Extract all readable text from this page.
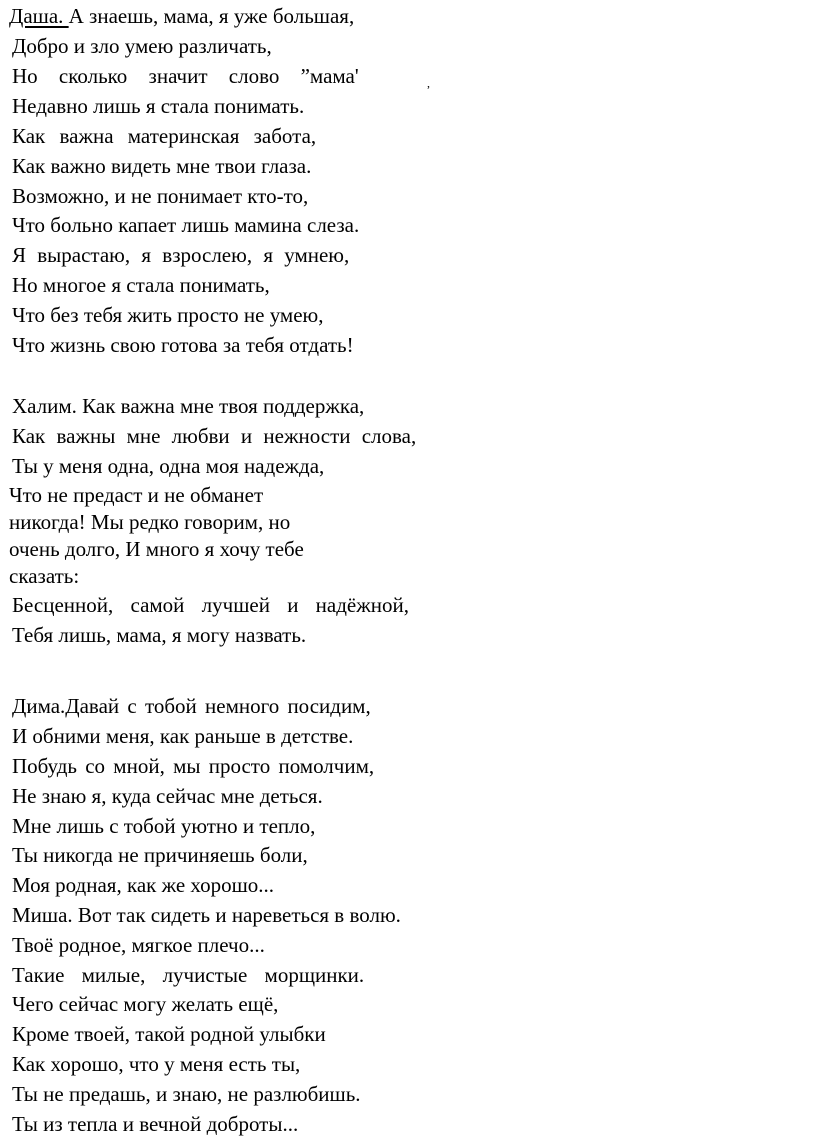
Даша. А знаешь, мама, я уже большая,
Добро и зло умею различать,
Но сколько значит слово ”мама'	,
Недавно лишь я стала понимать.
Как важна материнская забота,
Как важно видеть мне твои глаза.
Возможно, и не понимает кто-то,
Что больно капает лишь мамина слеза.
Я вырастаю, я взрослею, я умнею,
Но многое я стала понимать,
Что без тебя жить просто не умею,
Что жизнь свою готова за тебя отдать!
Халим. Как важна мне твоя поддержка,
Как важны мне любви и нежности слова,
Ты у меня одна, одна моя надежда,
Что не предаст и не обманет
никогда! Мы редко говорим, но
очень долго, И много я хочу тебе
сказать:
Бесценной, самой лучшей и надёжной,
Тебя лишь, мама, я могу назвать.
Дима.Давай с тобой немного посидим,
И обними меня, как раньше в детстве.
Побудь со мной, мы просто помолчим,
Не знаю я, куда сейчас мне деться.
Мне лишь с тобой уютно и тепло,
Ты никогда не причиняешь боли,
Моя родная, как же хорошо...
Миша. Вот так сидеть и нареветься в волю.
Твоё родное, мягкое плечо...
Такие милые, лучистые морщинки.
Чего сейчас могу желать ещё,
Кроме твоей, такой родной улыбки
Как хорошо, что у меня есть ты,
Ты не предашь, и знаю, не разлюбишь.
Ты из тепла и вечной доброты...
